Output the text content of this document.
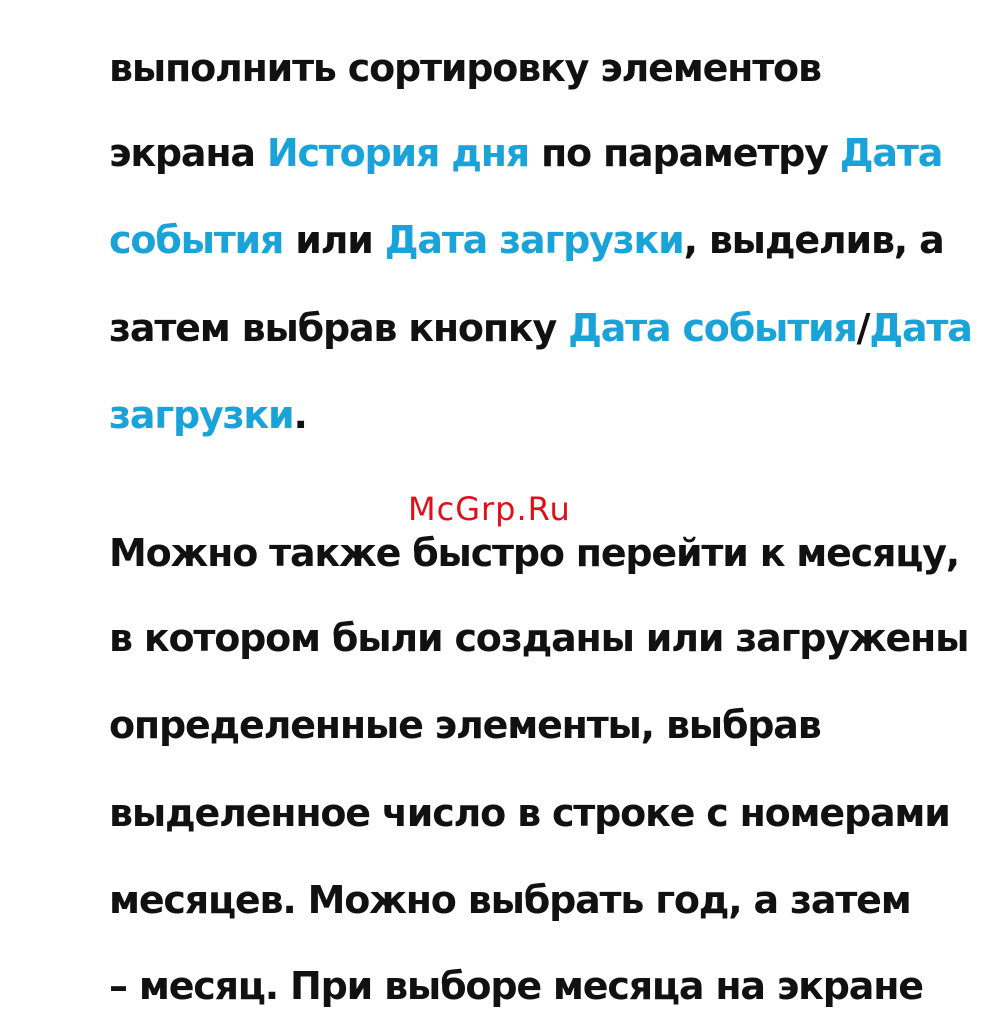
выполнить сортировку элементов
экрана История дня по параметру Дата
события или Дата загрузки, выделив, а
затем выбрав кнопку Дата события/Дата
загрузки.
Можно также быстро перейти к месяцу,
в котором были созданы или загружены
определенные элементы, выбрав
выделенное число в строке с номерами
месяцев. Можно выбрать год, а затем
– месяц. При выборе месяца на экране
McGrp.Ru
